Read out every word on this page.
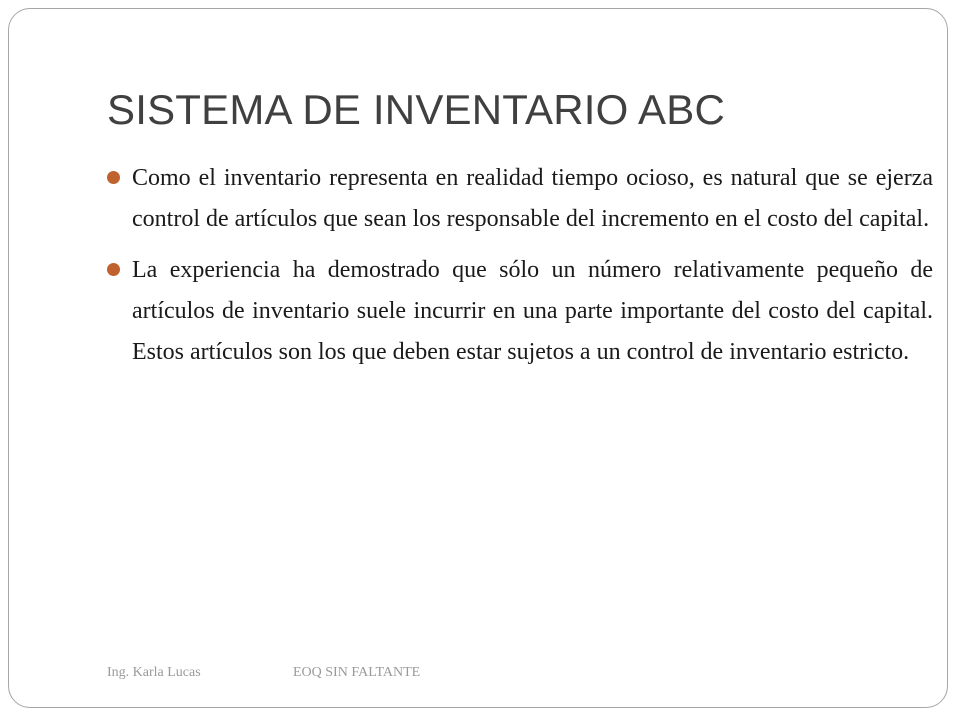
SISTEMA DE INVENTARIO ABC
Como el inventario representa en realidad tiempo ocioso, es natural que se ejerza control de artículos que sean los responsable del incremento en el costo del capital.
La experiencia ha demostrado que sólo un número relativamente pequeño de artículos de inventario suele incurrir en una parte importante del costo del capital. Estos artículos son los que deben estar sujetos a un control de inventario estricto.
Ing. Karla Lucas	EOQ SIN FALTANTE
